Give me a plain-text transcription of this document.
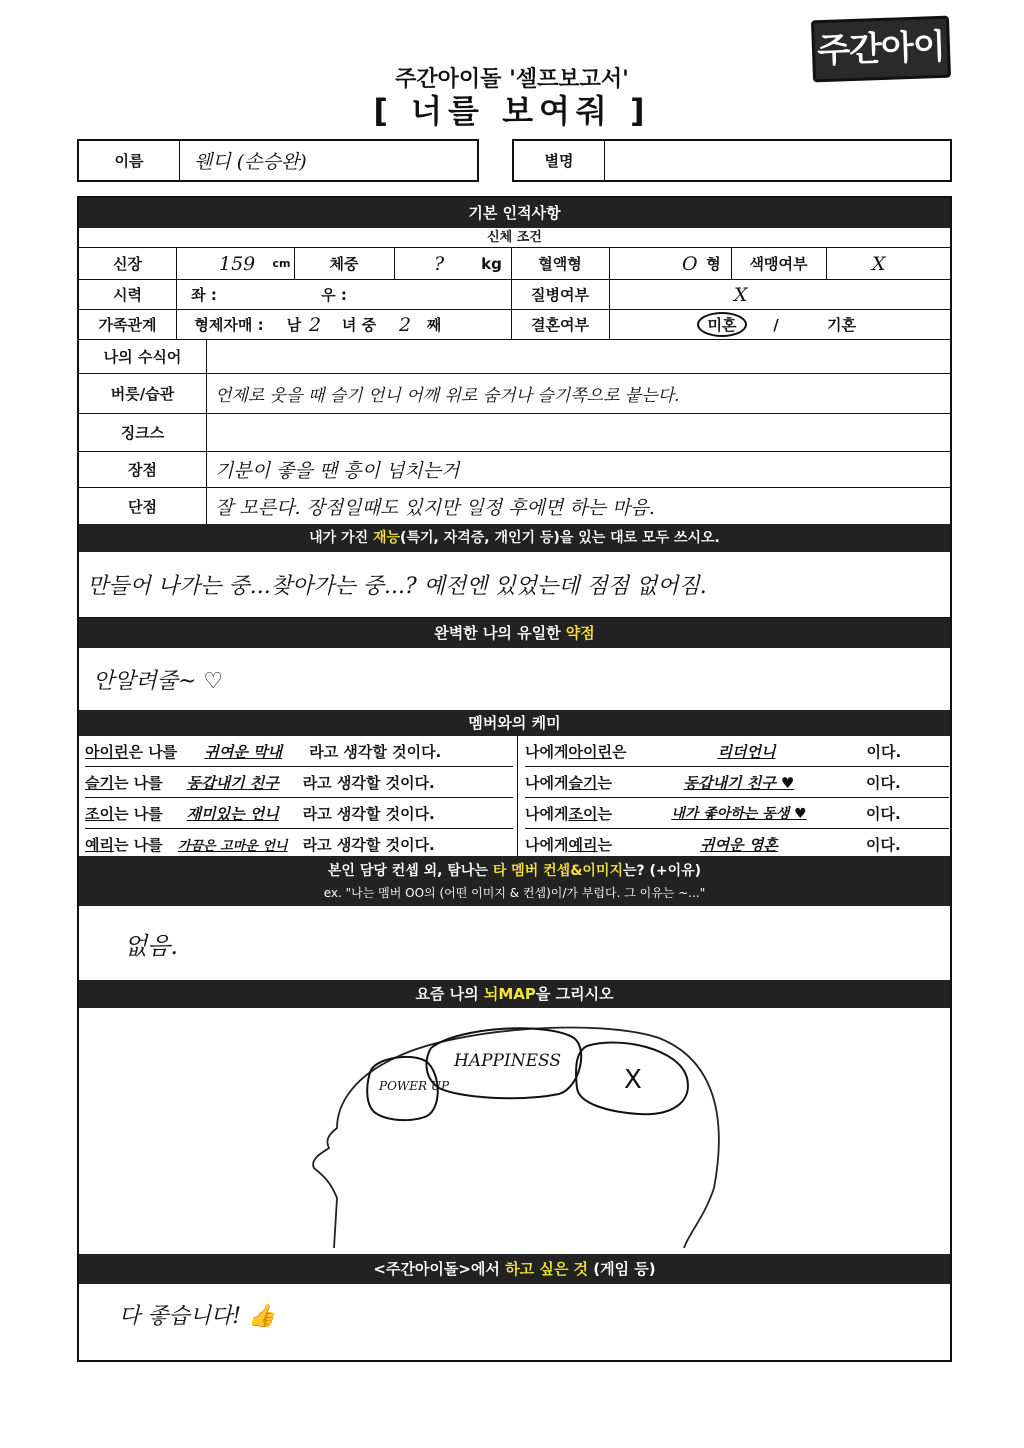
주간아이돌
주간아이돌 '셀프보고서'
[ 너를 보여줘 ]
이름	웬디 (손승완)	별명
기본 인적사항
신체 조건
신장	159	cm	체중	?	kg	혈액형	O 형	색맹여부	X
시력	좌 :	우 :	질병여부	X
가족관계	형제자매 :	남 2	녀 중	2	째	결혼여부	미혼	/	기혼
나의 수식어
버릇/습관	언제로 웃을 때 슬기 언니 어깨 위로 숨거나 슬기쪽으로 붙는다.
징크스
장점	기분이 좋을 땐 흥이 넘치는거
단점	잘 모른다. 장점일때도 있지만 일정 후에면 하는 마음.
내가 가진 재능(특기, 자격증, 개인기 등)을 있는 대로 모두 쓰시오.
만들어 나가는 중...찾아가는 중...? 예전엔 있었는데 점점 없어짐.
완벽한 나의 유일한 약점
안알려줄~ ♡
멤버와의 케미
아이린 은 나를	귀여운 막내	라고 생각할 것이다.
슬기 는 나를	동갑내기 친구	라고 생각할 것이다.
조이 는 나를	재미있는 언니	라고 생각할 것이다.
예리 는 나를	가끔은 고마운 언니	라고 생각할 것이다.
나에게 아이린 은	리더언니	이다.
나에게 슬기 는	동갑내기 친구 ♥	이다.
나에게 조이 는	내가 좋아하는 동생 ♥	이다.
나에게 예리 는	귀여운 영혼	이다.
본인 담당 컨셉 외, 탐나는 타 멤버 컨셉&이미지는? (+이유)
ex. "나는 멤버 OO의 (어떤 이미지 & 컨셉)이/가 부럽다. 그 이유는 ~..."
없음.
요즘 나의 뇌MAP을 그리시오
POWER UP
HAPPINESS
X
<주간아이돌>에서 하고 싶은 것 (게임 등)
다 좋습니다! 👍
